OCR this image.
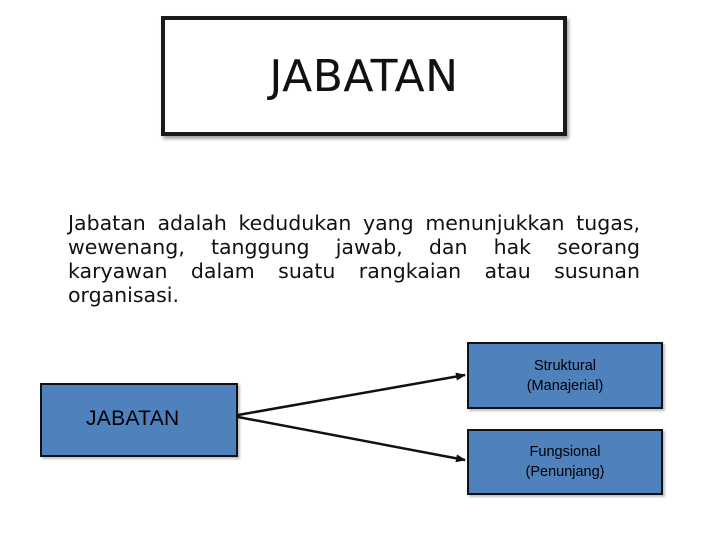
JABATAN

Jabatan adalah kedudukan yang menunjukkan tugas, wewenang, tanggung jawab, dan hak seorang karyawan dalam suatu rangkaian atau susunan organisasi.

JABATAN
Struktural
(Manajerial)
Fungsional
(Penunjang)
